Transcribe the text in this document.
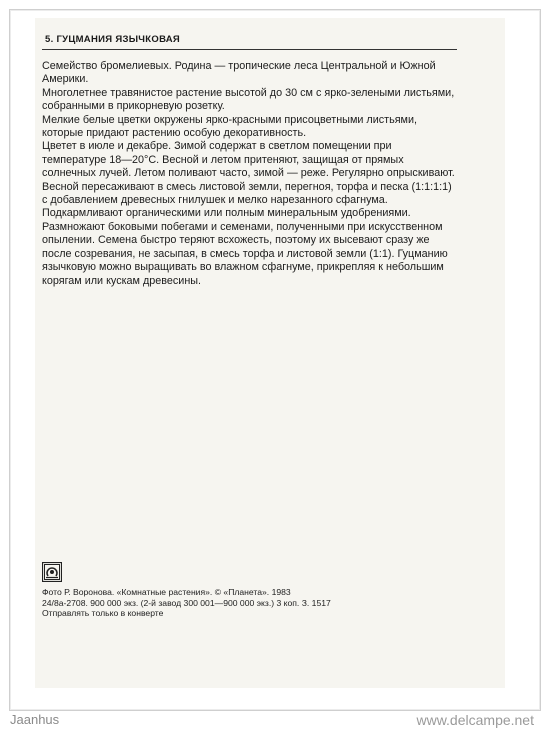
5. ГУЦМАНИЯ ЯЗЫЧКОВАЯ

Семейство бромелиевых. Родина — тропические леса Центральной и Южной Америки.

Многолетнее травянистое растение высотой до 30 см с ярко-зелеными листьями, собранными в прикорневую розетку.

Мелкие белые цветки окружены ярко-красными присоцветными листьями, которые придают растению особую декоративность.

Цветет в июле и декабре. Зимой содержат в светлом помещении при температуре 18—20°С. Весной и летом притеняют, защищая от прямых солнечных лучей. Летом поливают часто, зимой — реже. Регулярно опрыскивают. Весной пересаживают в смесь листовой земли, перегноя, торфа и песка (1:1:1:1) с добавлением древесных гнилушек и мелко нарезанного сфагнума. Подкармливают органическими или полным минеральным удобрениями.

Размножают боковыми побегами и семенами, полученными при искусственном опылении. Семена быстро теряют всхожесть, поэтому их высевают сразу же после созревания, не засыпая, в смесь торфа и листовой земли (1:1). Гуцманию язычковую можно выращивать во влажном сфагнуме, прикрепляя к небольшим корягам или кускам древесины.

Фото Р. Воронова. «Комнатные растения». © «Планета». 1983
24/8а-2708. 900 000 экз. (2-й завод 300 001—900 000 экз.) 3 коп. З. 1517
Отправлять только в конверте
Jaanhus	www.delcampe.net
